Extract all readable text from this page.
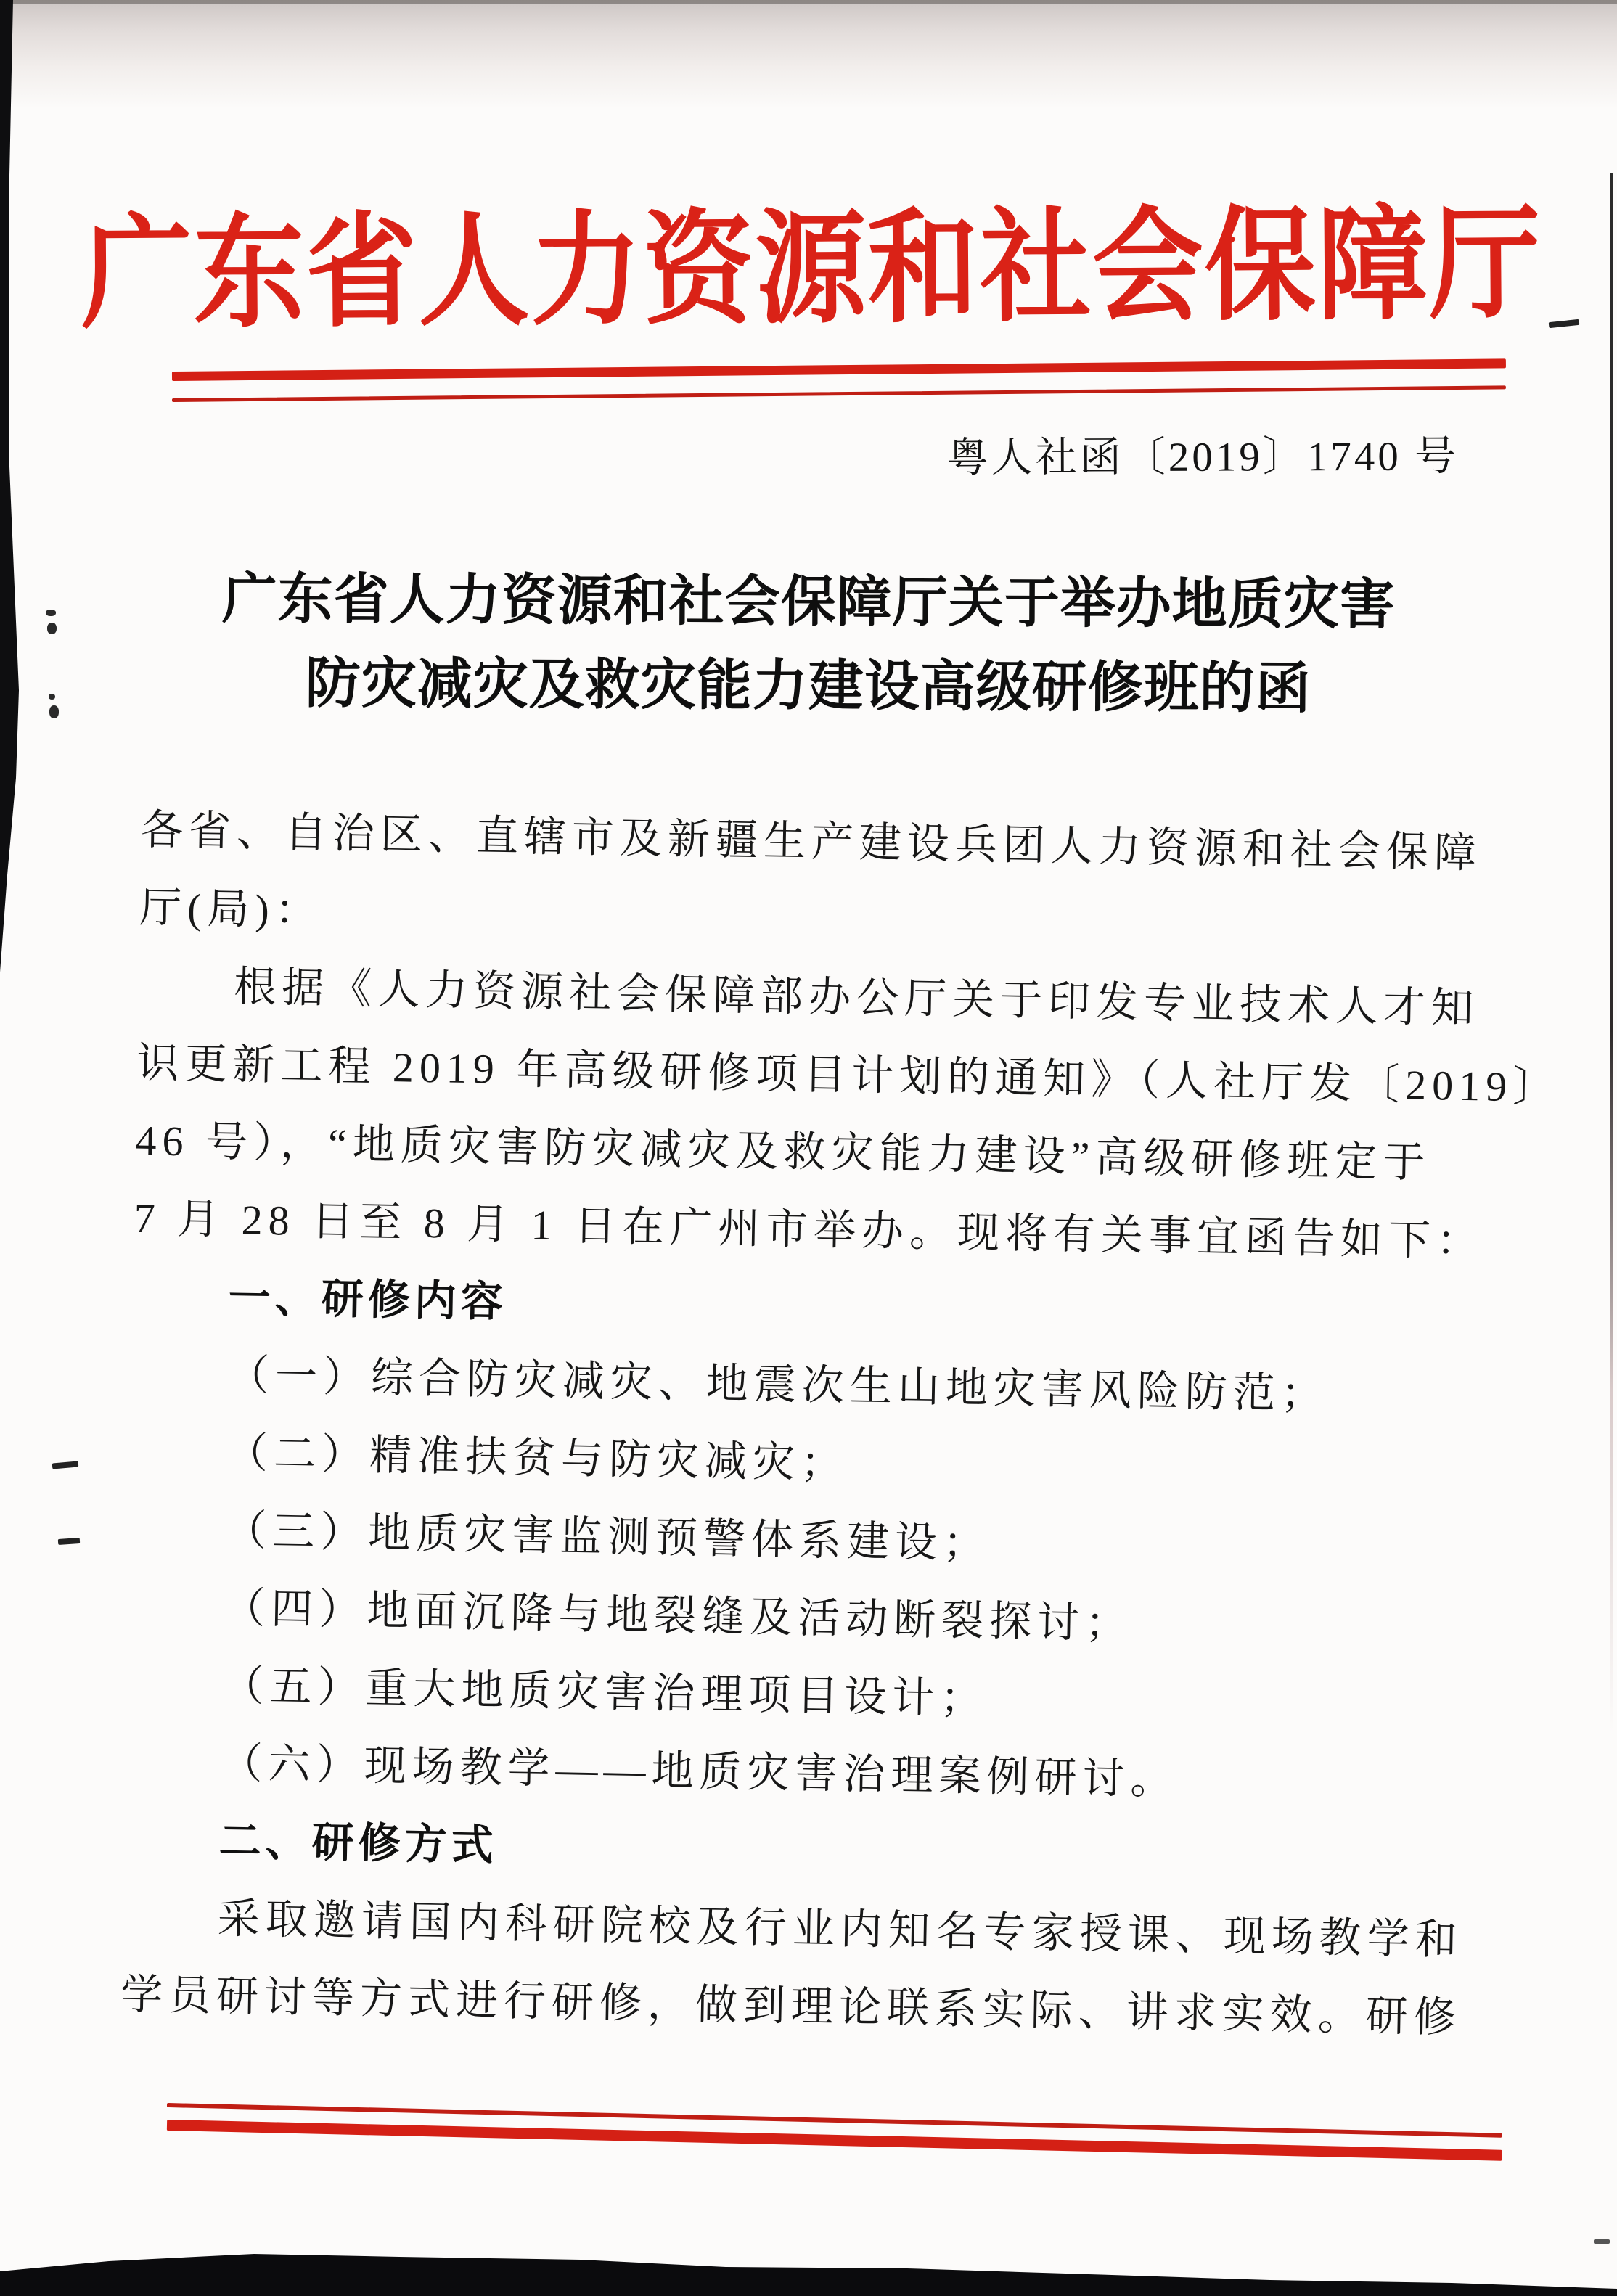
广东省人力资源和社会保障厅
粤人社函〔2019〕1740 号
广东省人力资源和社会保障厅关于举办地质灾害
防灾减灾及救灾能力建设高级研修班的函
各省、自治区、直辖市及新疆生产建设兵团人力资源和社会保障
厅(局)：
根据《人力资源社会保障部办公厅关于印发专业技术人才知
识更新工程 2019 年高级研修项目计划的通知》（人社厅发〔2019〕
46 号），“地质灾害防灾减灾及救灾能力建设”高级研修班定于
7 月 28 日至 8 月 1 日在广州市举办。现将有关事宜函告如下：
一、研修内容
（一）综合防灾减灾、地震次生山地灾害风险防范；
（二）精准扶贫与防灾减灾；
（三）地质灾害监测预警体系建设；
（四）地面沉降与地裂缝及活动断裂探讨；
（五）重大地质灾害治理项目设计；
（六）现场教学——地质灾害治理案例研讨。
二、研修方式
采取邀请国内科研院校及行业内知名专家授课、现场教学和
学员研讨等方式进行研修，做到理论联系实际、讲求实效。研修
